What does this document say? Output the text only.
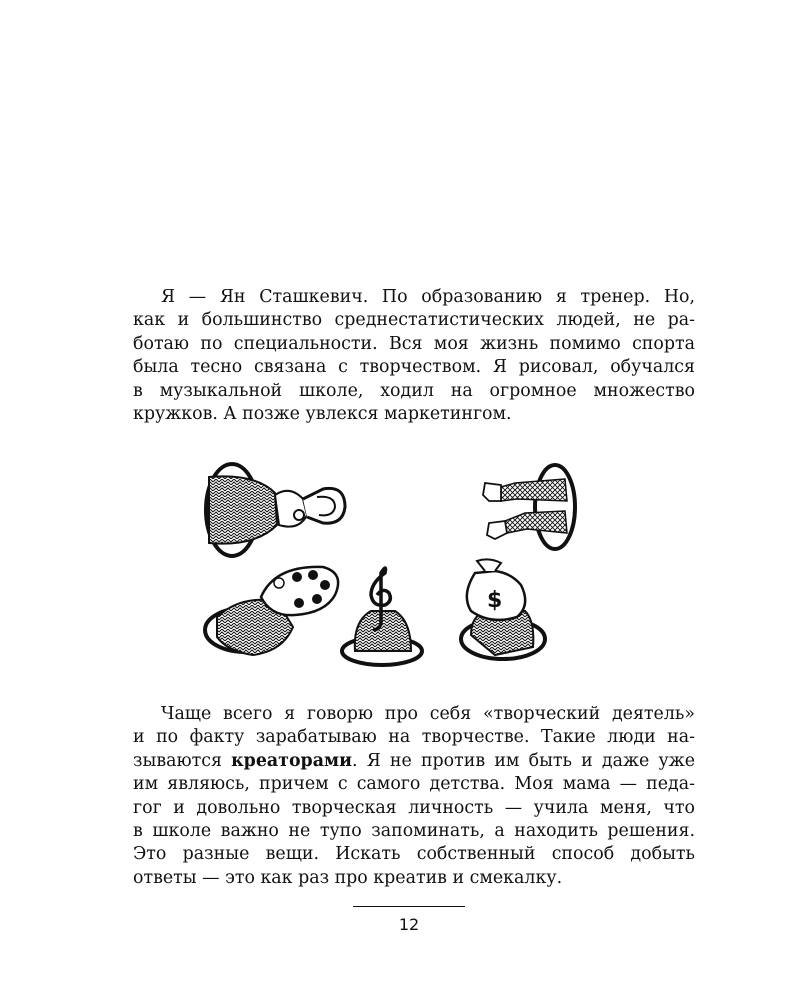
Я — Ян Сташкевич. По образованию я тренер. Но,
как и большинство среднестатистических людей, не ра-
ботаю по специальности. Вся моя жизнь помимо спорта
была тесно связана с творчеством. Я рисовал, обучался
в музыкальной школе, ходил на огромное множество
кружков. А позже увлекся маркетингом.
$
Чаще всего я говорю про себя «творческий деятель»
и по факту зарабатываю на творчестве. Такие люди на-
зываются креаторами. Я не против им быть и даже уже
им являюсь, причем с самого детства. Моя мама — педа-
гог и довольно творческая личность — учила меня, что
в школе важно не тупо запоминать, а находить решения.
Это разные вещи. Искать собственный способ добыть
ответы — это как раз про креатив и смекалку.
12
